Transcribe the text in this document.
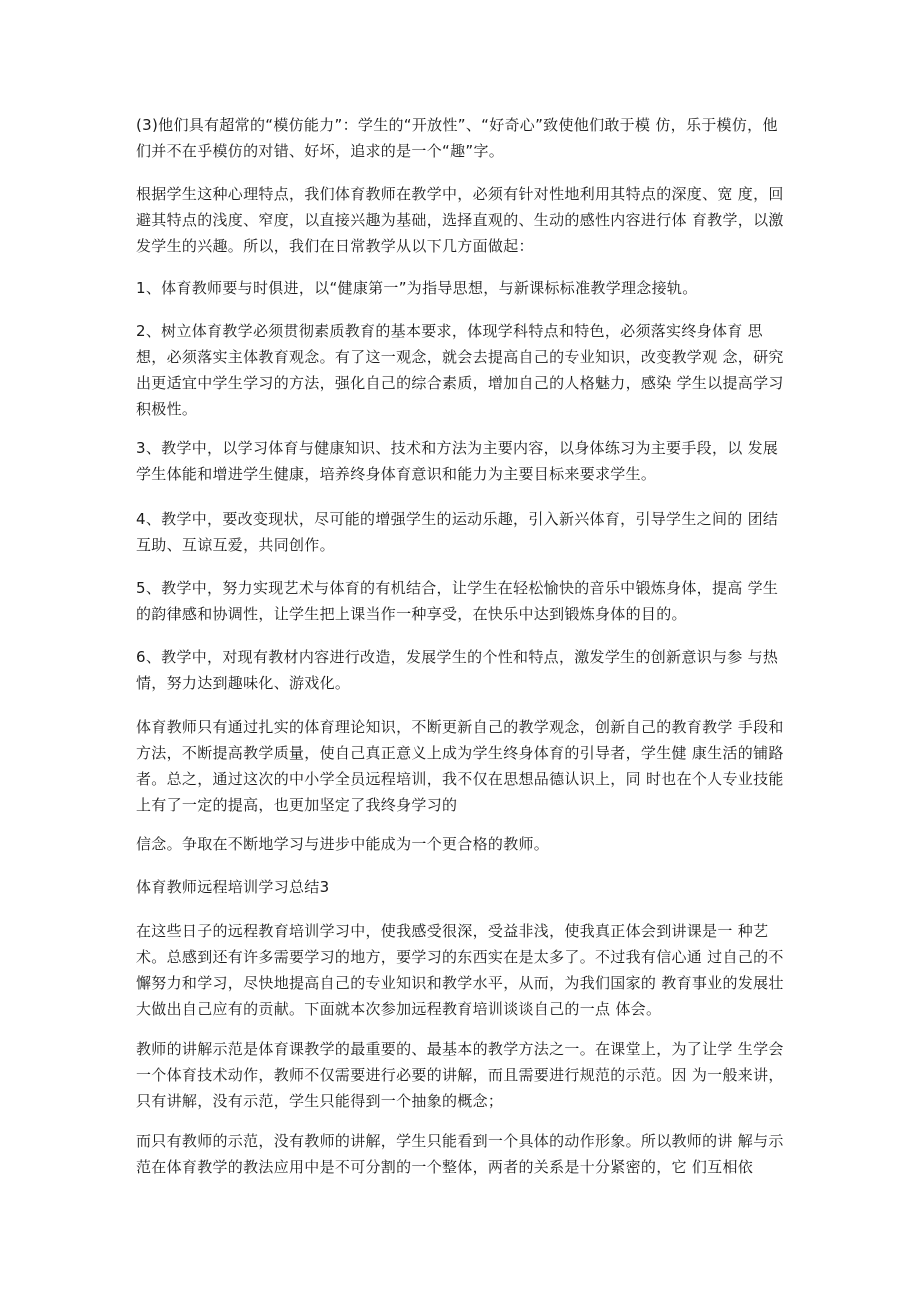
(3)他们具有超常的“模仿能力”：学生的“开放性”、“好奇心”致使他们敢于模 仿，乐于模仿，他们并不在乎模仿的对错、好坏，追求的是一个“趣”字。

根据学生这种心理特点，我们体育教师在教学中，必须有针对性地利用其特点的深度、宽 度，回避其特点的浅度、窄度，以直接兴趣为基础，选择直观的、生动的感性内容进行体 育教学，以激发学生的兴趣。所以，我们在日常教学从以下几方面做起：

1、体育教师要与时俱进，以“健康第一”为指导思想，与新课标标准教学理念接轨。

2、树立体育教学必须贯彻素质教育的基本要求，体现学科特点和特色，必须落实终身体育 思想，必须落实主体教育观念。有了这一观念，就会去提高自己的专业知识，改变教学观 念，研究出更适宜中学生学习的方法，强化自己的综合素质，增加自己的人格魅力，感染 学生以提高学习积极性。

3、教学中，以学习体育与健康知识、技术和方法为主要内容，以身体练习为主要手段，以 发展学生体能和增进学生健康，培养终身体育意识和能力为主要目标来要求学生。

4、教学中，要改变现状，尽可能的增强学生的运动乐趣，引入新兴体育，引导学生之间的 团结互助、互谅互爱，共同创作。

5、教学中，努力实现艺术与体育的有机结合，让学生在轻松愉快的音乐中锻炼身体，提高 学生的韵律感和协调性，让学生把上课当作一种享受，在快乐中达到锻炼身体的目的。

6、教学中，对现有教材内容进行改造，发展学生的个性和特点，激发学生的创新意识与参 与热情，努力达到趣味化、游戏化。

体育教师只有通过扎实的体育理论知识，不断更新自己的教学观念，创新自己的教育教学 手段和方法，不断提高教学质量，使自己真正意义上成为学生终身体育的引导者，学生健 康生活的铺路者。总之，通过这次的中小学全员远程培训，我不仅在思想品德认识上，同 时也在个人专业技能上有了一定的提高，也更加坚定了我终身学习的

信念。争取在不断地学习与进步中能成为一个更合格的教师。

体育教师远程培训学习总结3

在这些日子的远程教育培训学习中，使我感受很深，受益非浅，使我真正体会到讲课是一 种艺术。总感到还有许多需要学习的地方，要学习的东西实在是太多了。不过我有信心通 过自己的不懈努力和学习，尽快地提高自己的专业知识和教学水平，从而，为我们国家的 教育事业的发展壮大做出自己应有的贡献。下面就本次参加远程教育培训谈谈自己的一点 体会。

教师的讲解示范是体育课教学的最重要的、最基本的教学方法之一。在课堂上，为了让学 生学会一个体育技术动作，教师不仅需要进行必要的讲解，而且需要进行规范的示范。因 为一般来讲，只有讲解，没有示范，学生只能得到一个抽象的概念；

而只有教师的示范，没有教师的讲解，学生只能看到一个具体的动作形象。所以教师的讲 解与示范在体育教学的教法应用中是不可分割的一个整体，两者的关系是十分紧密的，它 们互相依
